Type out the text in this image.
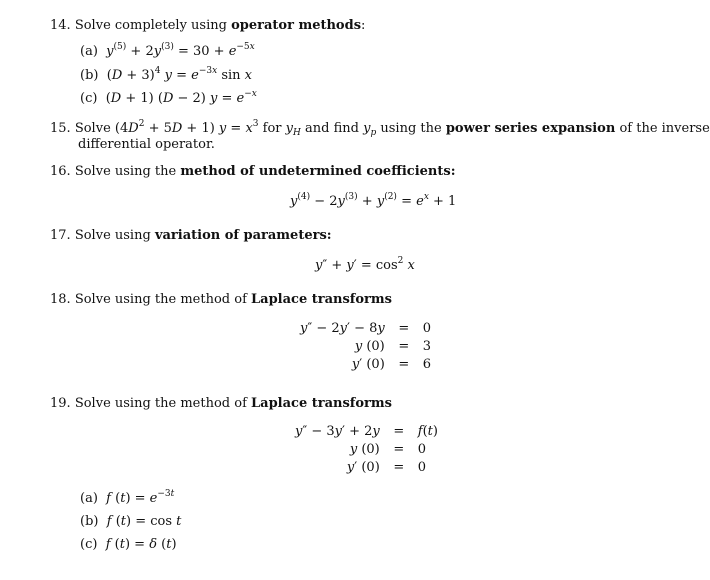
14. Solve completely using operator methods:
(a)  $y^{(5)} + 2y^{(3)} = 30 + e^{-5x}$
(b) $(D + 3)^4$ $y = e^{-3x}$ sin x
(c) (D + 1) (D − 2) $y = e^{-x}$
15. Solve $(4D^2 + 5D + 1) y = x^3$ for $y_H$ and find $y_p$ using the power series expansion of the inverse
differential operator.
16. Solve using the method of undetermined coefficients:
$y^{(4)} - 2y^{(3)} + y^{(2)} = e^x + 1$
17. Solve using variation of parameters:
$y'' + y' = \cos^2 x$
18. Solve using the method of Laplace transforms
y″ − 2y′ − 8y	=	0
y (0)	=	3
y′ (0)	=	6
19. Solve using the method of Laplace transforms
y″ − 3y′ + 2y	=	f(t)
y (0)	=	0
y′ (0)	=	0
(a)  f $(t) = e^{-3t}$
(b)  f (t) = cos t
(c)  f (t) = δ (t)
